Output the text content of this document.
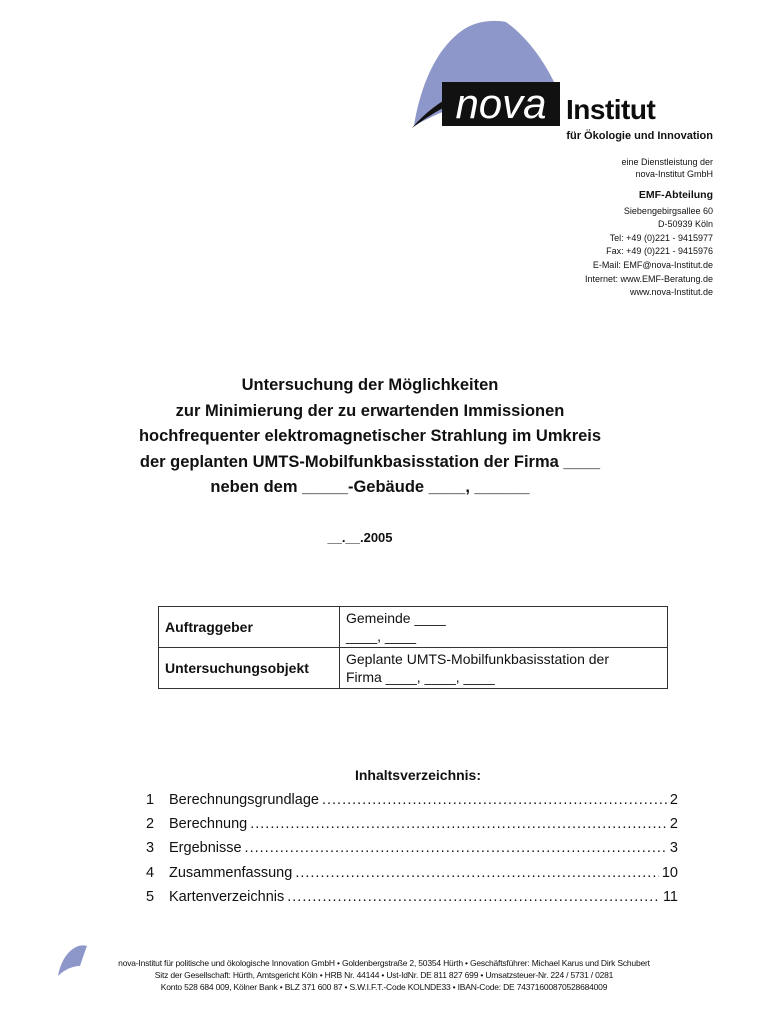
nova Institut
für Ökologie und Innovation
eine Dienstleistung der
nova-Institut GmbH
EMF-Abteilung
Siebengebirgsallee 60
D-50939 Köln
Tel: +49 (0)221 - 9415977
Fax: +49 (0)221 - 9415976
E-Mail: EMF@nova-Institut.de
Internet: www.EMF-Beratung.de
www.nova-Institut.de
Untersuchung der Möglichkeiten
zur Minimierung der zu erwartenden Immissionen
hochfrequenter elektromagnetischer Strahlung im Umkreis
der geplanten UMTS-Mobilfunkbasisstation der Firma ____
neben dem _____-Gebäude ____, ______
__.__.2005
Auftraggeber	Gemeinde ____
____, ____

Untersuchungsobjekt	Geplante UMTS-Mobilfunkbasisstation der
Firma ____, ____, ____
Inhaltsverzeichnis:
1	Berechnungsgrundlage .....	2
2	Berechnung .....	2
3	Ergebnisse .....	3
4	Zusammenfassung .....	10
5	Kartenverzeichnis .....	11
nova-Institut für politische und ökologische Innovation GmbH • Goldenbergstraße 2, 50354 Hürth • Geschäftsführer: Michael Karus und Dirk Schubert
Sitz der Gesellschaft: Hürth, Amtsgericht Köln • HRB Nr. 44144 • Ust-IdNr. DE 811 827 699 • Umsatzsteuer-Nr. 224 / 5731 / 0281
Konto 528 684 009, Kölner Bank • BLZ 371 600 87 • S.W.I.F.T.-Code KOLNDE33 • IBAN-Code: DE 74371600870528684009
